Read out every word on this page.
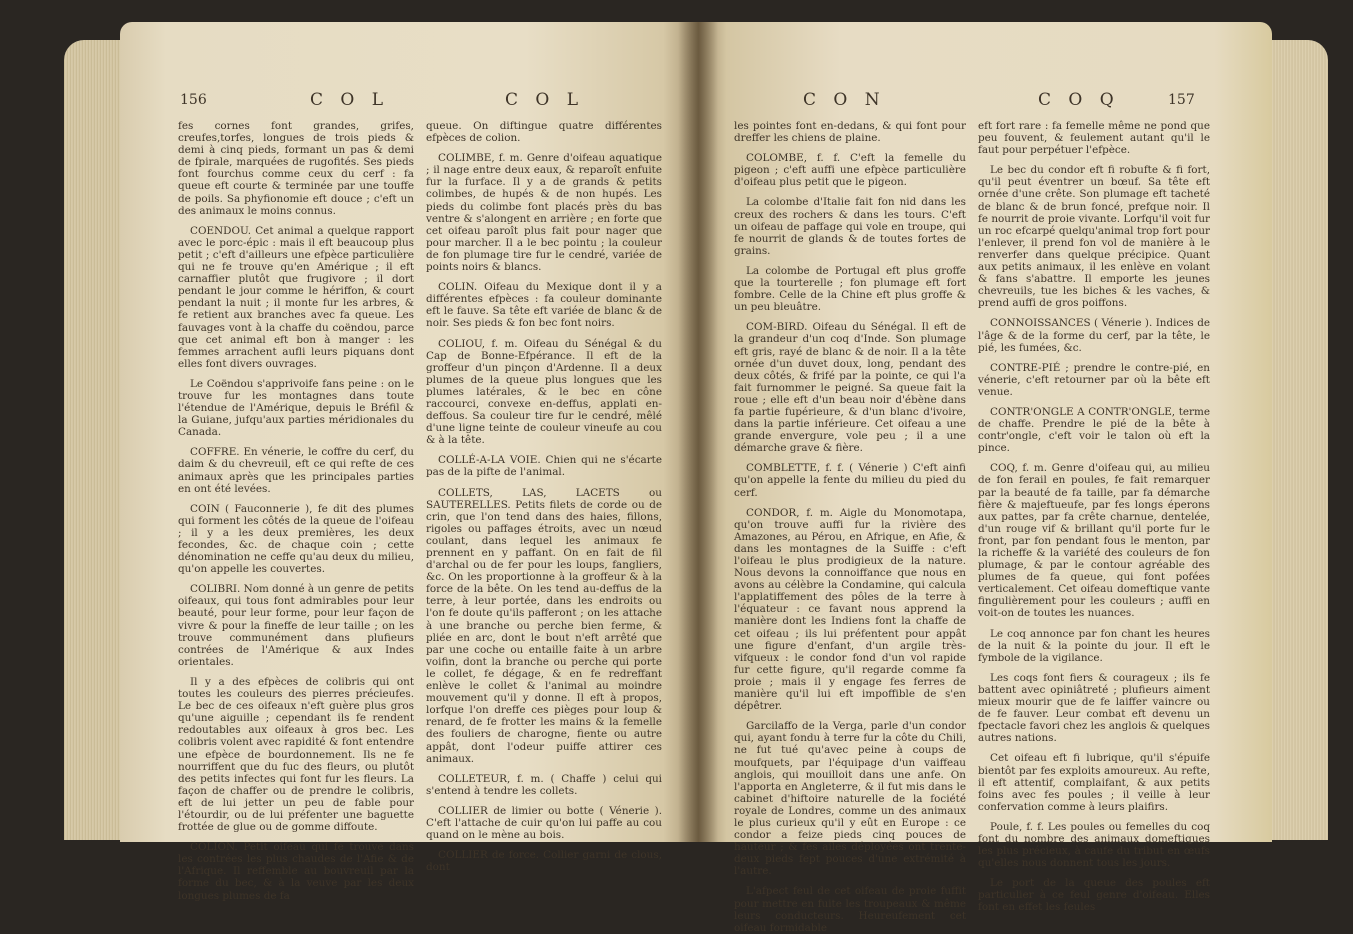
156	C O L	C O L

fes cornes font grandes, grifes, creufes,torfes, longues de trois pieds & demi à cinq pieds, formant un pas & demi de fpirale, marquées de rugofités. Ses pieds font fourchus comme ceux du cerf : fa queue eft courte & terminée par une touffe de poils. Sa phyfionomie eft douce ; c'eft un des animaux le moins connus.

COENDOU. Cet animal a quelque rapport avec le porc-épic : mais il eft beaucoup plus petit ; c'eft d'ailleurs une efpèce particulière qui ne fe trouve qu'en Amérique ; il eft carnaffier plutôt que frugivore ; il dort pendant le jour comme le hériffon, & court pendant la nuit ; il monte fur les arbres, & fe retient aux branches avec fa queue. Les fauvages vont à la chaffe du coëndou, parce que cet animal eft bon à manger : les femmes arrachent aufli leurs piquans dont elles font divers ouvrages.

Le Coëndou s'apprivoife fans peine : on le trouve fur les montagnes dans toute l'étendue de l'Amérique, depuis le Bréfil & la Guiane, jufqu'aux parties méridionales du Canada.

COFFRE. En vénerie, le coffre du cerf, du daim & du chevreuil, eft ce qui refte de ces animaux après que les principales parties en ont été levées.

COIN ( Fauconnerie ), fe dit des plumes qui forment les côtés de la queue de l'oifeau ; il y a les deux premières, les deux fecondes, &c. de chaque coin ; cette dénomination ne ceffe qu'au deux du milieu, qu'on appelle les couvertes.

COLIBRI. Nom donné à un genre de petits oifeaux, qui tous font admirables pour leur beauté, pour leur forme, pour leur façon de vivre & pour la fineffe de leur taille ; on les trouve communément dans plufieurs contrées de l'Amérique & aux Indes orientales.

Il y a des efpèces de colibris qui ont toutes les couleurs des pierres précieufes. Le bec de ces oifeaux n'eft guère plus gros qu'une aiguille ; cependant ils fe rendent redoutables aux oifeaux à gros bec. Les colibris volent avec rapidité & font entendre une efpèce de bourdonnement. Ils ne fe nourriffent que du fuc des fleurs, ou plutôt des petits infectes qui font fur les fleurs. La façon de chaffer ou de prendre le colibris, eft de lui jetter un peu de fable pour l'étourdir, ou de lui préfenter une baguette frottée de glue ou de gomme diffoute.

COLION. Petit oifeau qui fe trouve dans les contrées les plus chaudes de l'Afie & de l'Afrique. Il reffemble au bouvreuil par la forme du bec, & à la veuve par les deux longues plumes de fa

queue. On diftingue quatre différentes efpèces de colion.

COLIMBE, f. m. Genre d'oifeau aquatique ; il nage entre deux eaux, & reparoît enfuite fur la furface. Il y a de grands & petits colimbes, de hupés & de non hupés. Les pieds du colimbe font placés près du bas ventre & s'alongent en arrière ; en forte que cet oifeau paroît plus fait pour nager que pour marcher. Il a le bec pointu ; la couleur de fon plumage tire fur le cendré, variée de points noirs & blancs.

COLIN. Oifeau du Mexique dont il y a différentes efpèces : fa couleur dominante eft le fauve. Sa tête eft variée de blanc & de noir. Ses pieds & fon bec font noirs.

COLIOU, f. m. Oifeau du Sénégal & du Cap de Bonne-Efpérance. Il eft de la groffeur d'un pinçon d'Ardenne. Il a deux plumes de la queue plus longues que les plumes latérales, & le bec en cône raccourci, convexe en-deffus, applati en-deffous. Sa couleur tire fur le cendré, mêlé d'une ligne teinte de couleur vineufe au cou & à la tête.

COLLÉ-A-LA VOIE. Chien qui ne s'écarte pas de la pifte de l'animal.

COLLETS, LAS, LACETS ou SAUTERELLES. Petits filets de corde ou de crin, que l'on tend dans des haies, fillons, rigoles ou paffages étroits, avec un nœud coulant, dans lequel les animaux fe prennent en y paffant. On en fait de fil d'archal ou de fer pour les loups, fangliers, &c. On les proportionne à la groffeur & à la force de la bête. On les tend au-deffus de la terre, à leur portée, dans les endroits ou l'on fe doute qu'ils pafferont ; on les attache à une branche ou perche bien ferme, & pliée en arc, dont le bout n'eft arrêté que par une coche ou entaille faite à un arbre voifin, dont la branche ou perche qui porte le collet, fe dégage, & en fe redreffant enlève le collet & l'animal au moindre mouvement qu'il y donne. Il eft à propos, lorfque l'on dreffe ces pièges pour loup & renard, de fe frotter les mains & la femelle des fouliers de charogne, fiente ou autre appât, dont l'odeur puiffe attirer ces animaux.

COLLETEUR, f. m. ( Chaffe ) celui qui s'entend à tendre les collets.

COLLIER de limier ou botte ( Vénerie ). C'eft l'attache de cuir qu'on lui paffe au cou quand on le mène au bois.

COLLIER de force. Collier garni de clous, dont

C O N	C O Q	157

les pointes font en-dedans, & qui font pour dreffer les chiens de plaine.

COLOMBE, f. f. C'eft la femelle du pigeon ; c'eft auffi une efpèce particulière d'oifeau plus petit que le pigeon.

La colombe d'Italie fait fon nid dans les creux des rochers & dans les tours. C'eft un oifeau de paffage qui vole en troupe, qui fe nourrit de glands & de toutes fortes de grains.

La colombe de Portugal eft plus groffe que la tourterelle ; fon plumage eft fort fombre. Celle de la Chine eft plus groffe & un peu bleuâtre.

COM-BIRD. Oifeau du Sénégal. Il eft de la grandeur d'un coq d'Inde. Son plumage eft gris, rayé de blanc & de noir. Il a la tête ornée d'un duvet doux, long, pendant des deux côtés, & frifé par la pointe, ce qui l'a fait furnommer le peigné. Sa queue fait la roue ; elle eft d'un beau noir d'ébène dans fa partie fupérieure, & d'un blanc d'ivoire, dans la partie inférieure. Cet oifeau a une grande envergure, vole peu ; il a une démarche grave & fière.

COMBLETTE, f. f. ( Vénerie ) C'eft ainfi qu'on appelle la fente du milieu du pied du cerf.

CONDOR, f. m. Aigle du Monomotapa, qu'on trouve auffi fur la rivière des Amazones, au Pérou, en Afrique, en Afie, & dans les montagnes de la Suiffe : c'eft l'oifeau le plus prodigieux de la nature. Nous devons la connoiffance que nous en avons au célèbre la Condamine, qui calcula l'applatiffement des pôles de la terre à l'équateur : ce favant nous apprend la manière dont les Indiens font la chaffe de cet oifeau ; ils lui préfentent pour appât une figure d'enfant, d'un argile très-vifqueux : le condor fond d'un vol rapide fur cette figure, qu'il regarde comme fa proie ; mais il y engage fes ferres de manière qu'il lui eft impoffible de s'en dépêtrer.

Garcilaffo de la Verga, parle d'un condor qui, ayant fondu à terre fur la côte du Chili, ne fut tué qu'avec peine à coups de moufquets, par l'équipage d'un vaiffeau anglois, qui mouilloit dans une anfe. On l'apporta en Angleterre, & il fut mis dans le cabinet d'hiftoire naturelle de la fociété royale de Londres, comme un des animaux le plus curieux qu'il y eût en Europe : ce condor a feize pieds cinq pouces de hauteur ; & fes ailes déployées ont trente-deux pieds fept pouces d'une extrémité à l'autre.

L'afpect feul de cet oifeau de proie fuffit pour mettre en fuite les troupeaux & même leurs conducteurs. Heureufement cet oifeau formidable

eft fort rare : fa femelle même ne pond que peu fouvent, & feulement autant qu'il le faut pour perpétuer l'efpèce.

Le bec du condor eft fi robufte & fi fort, qu'il peut éventrer un bœuf. Sa tête eft ornée d'une crête. Son plumage eft tacheté de blanc & de brun foncé, prefque noir. Il fe nourrit de proie vivante. Lorfqu'il voit fur un roc efcarpé quelqu'animal trop fort pour l'enlever, il prend fon vol de manière à le renverfer dans quelque précipice. Quant aux petits animaux, il les enlève en volant & fans s'abattre. Il emporte les jeunes chevreuils, tue les biches & les vaches, & prend auffi de gros poiffons.

CONNOISSANCES ( Vénerie ). Indices de l'âge & de la forme du cerf, par la tête, le pié, les fumées, &c.

CONTRE-PIÉ ; prendre le contre-pié, en vénerie, c'eft retourner par où la bête eft venue.

CONTR'ONGLE A CONTR'ONGLE, terme de chaffe. Prendre le pié de la bête à contr'ongle, c'eft voir le talon où eft la pince.

COQ, f. m. Genre d'oifeau qui, au milieu de fon ferail en poules, fe fait remarquer par la beauté de fa taille, par fa démarche fière & majeftueufe, par fes longs éperons aux pattes, par fa crête charnue, dentelée, d'un rouge vif & brillant qu'il porte fur le front, par fon pendant fous le menton, par la richeffe & la variété des couleurs de fon plumage, & par le contour agréable des plumes de fa queue, qui font pofées verticalement. Cet oifeau domeftique vante fingulièrement pour les couleurs ; auffi en voit-on de toutes les nuances.

Le coq annonce par fon chant les heures de la nuit & la pointe du jour. Il eft le fymbole de la vigilance.

Les coqs font fiers & courageux ; ils fe battent avec opiniâtreté ; plufieurs aiment mieux mourir que de fe laiffer vaincre ou de fe fauver. Leur combat eft devenu un fpectacle favori chez les anglois & quelques autres nations.

Cet oifeau eft fi lubrique, qu'il s'épuife bientôt par fes exploits amoureux. Au refte, il eft attentif, complaifant, & aux petits foins avec fes poules ; il veille à leur confervation comme à leurs plaifirs.

Poule, f. f. Les poules ou femelles du coq font du nombre des animaux domeftiques les plus précieux, à caufe du tribut en œufs qu'elles nous donnent tous les jours.

Le port de la queue des poules eft particulier à ce feul genre d'oifeau. Elles font en effet les feules
